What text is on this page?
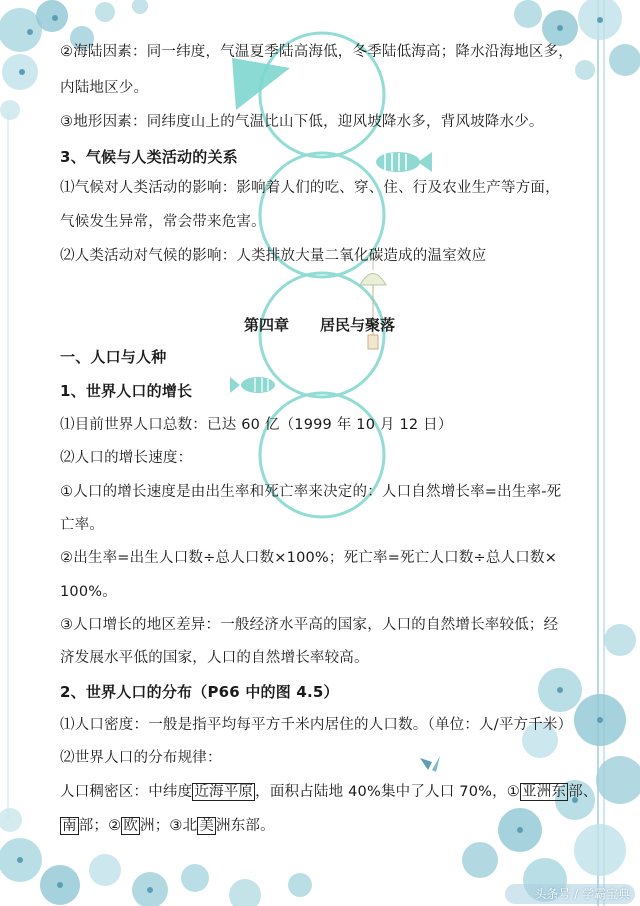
②海陆因素：同一纬度，气温夏季陆高海低，冬季陆低海高；降水沿海地区多，
内陆地区少。
③地形因素：同纬度山上的气温比山下低，迎风坡降水多，背风坡降水少。
3、气候与人类活动的关系
⑴气候对人类活动的影响：影响着人们的吃、穿、住、行及农业生产等方面，
气候发生异常，常会带来危害。
⑵人类活动对气候的影响：人类排放大量二氧化碳造成的温室效应
第四章 居民与聚落
一、人口与人种
1、世界人口的增长
⑴目前世界人口总数：已达 60 亿（1999 年 10 月 12 日）
⑵人口的增长速度：
①人口的增长速度是由出生率和死亡率来决定的：人口自然增长率=出生率-死
亡率。
②出生率=出生人口数÷总人口数×100%；死亡率=死亡人口数÷总人口数×
100%。
③人口增长的地区差异：一般经济水平高的国家，人口的自然增长率较低；经
济发展水平低的国家，人口的自然增长率较高。
2、世界人口的分布（P66 中的图 4.5）
⑴人口密度：一般是指平均每平方千米内居住的人口数。（单位：人/平方千米）
⑵世界人口的分布规律：
人口稠密区：中纬度 近海平原 ，面积占陆地 40%集中了人口 70%，① 亚洲东 部、
南 部；② 欧 洲；③北 美 洲东部。
头条号 / 学霸宝典
